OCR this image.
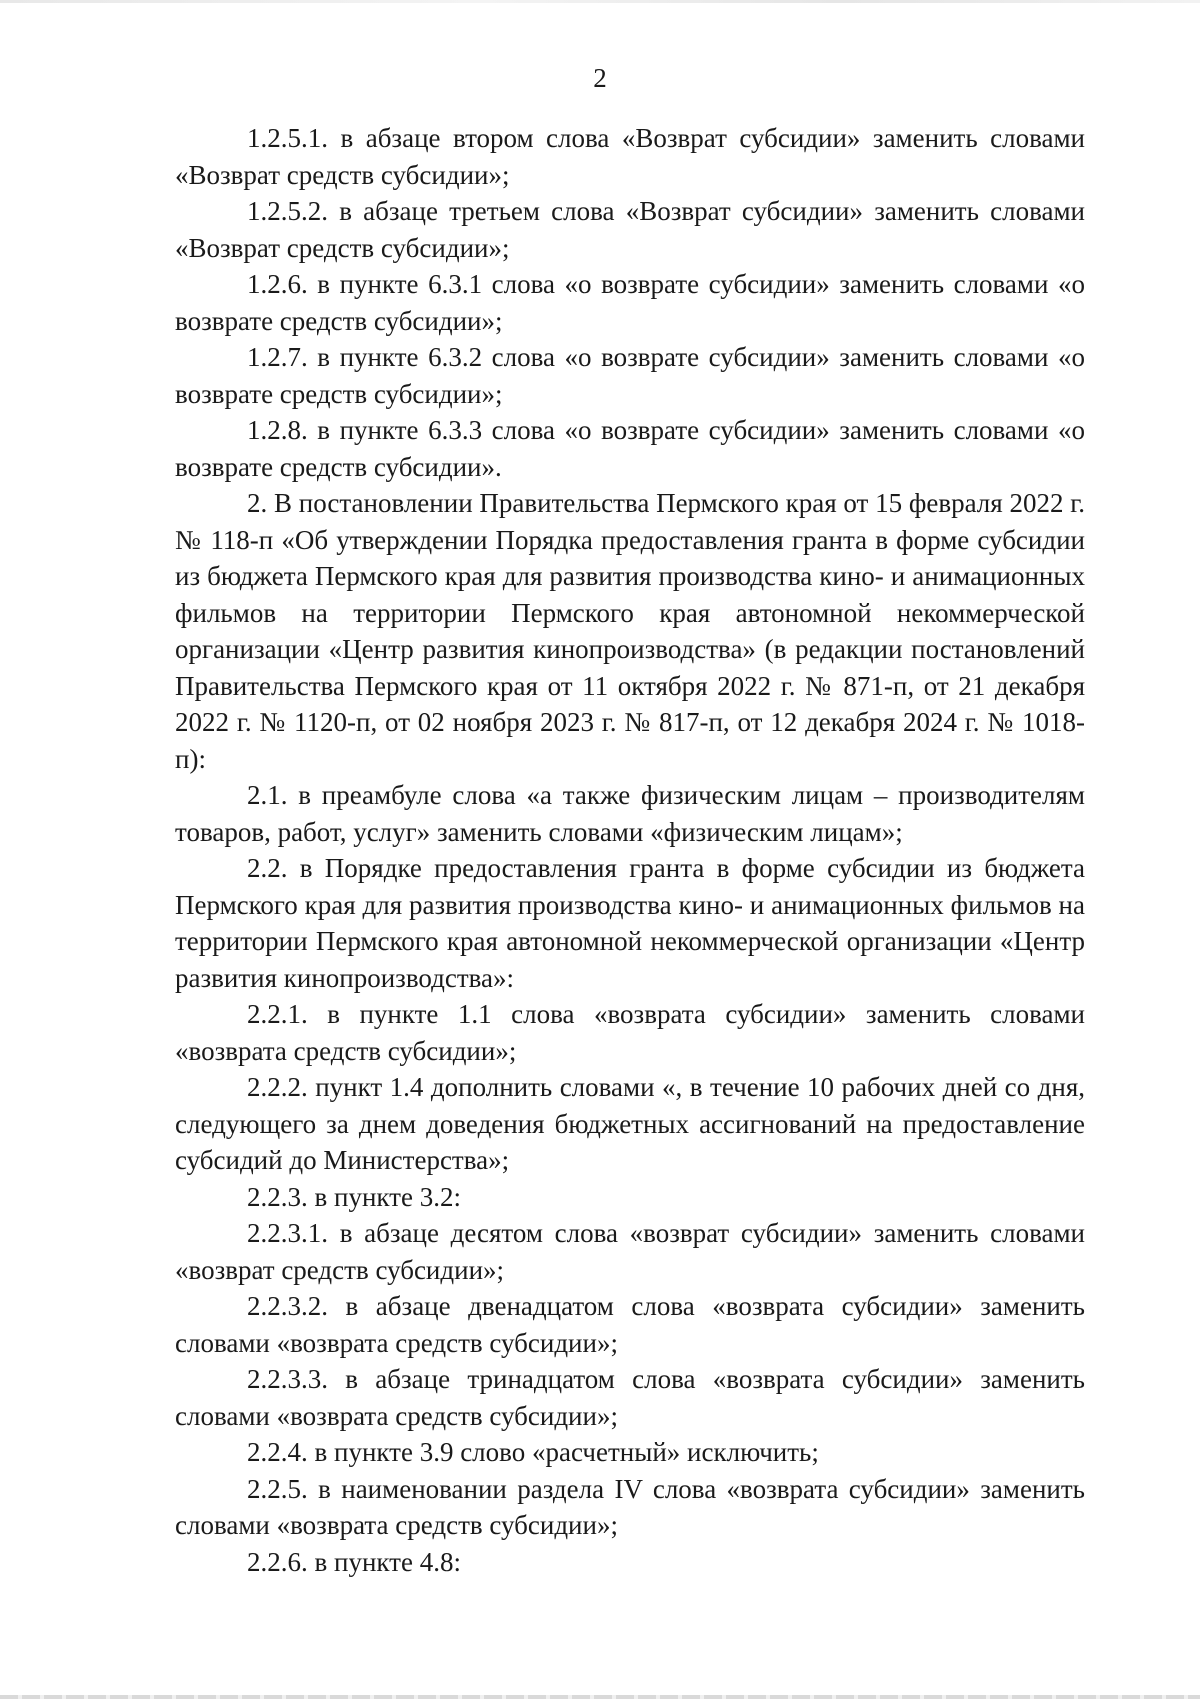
2

1.2.5.1. в абзаце втором слова «Возврат субсидии» заменить словами «Возврат средств субсидии»;

1.2.5.2. в абзаце третьем слова «Возврат субсидии» заменить словами «Возврат средств субсидии»;

1.2.6. в пункте 6.3.1 слова «о возврате субсидии» заменить словами «о возврате средств субсидии»;

1.2.7. в пункте 6.3.2 слова «о возврате субсидии» заменить словами «о возврате средств субсидии»;

1.2.8. в пункте 6.3.3 слова «о возврате субсидии» заменить словами «о возврате средств субсидии».

2. В постановлении Правительства Пермского края от 15 февраля 2022 г. № 118-п «Об утверждении Порядка предоставления гранта в форме субсидии из бюджета Пермского края для развития производства кино- и анимационных фильмов на территории Пермского края автономной некоммерческой организации «Центр развития кинопроизводства» (в редакции постановлений Правительства Пермского края от 11 октября 2022 г. № 871-п, от 21 декабря 2022 г. № 1120-п, от 02 ноября 2023 г. № 817-п, от 12 декабря 2024 г. № 1018-п):

2.1. в преамбуле слова «а также физическим лицам – производителям товаров, работ, услуг» заменить словами «физическим лицам»;

2.2. в Порядке предоставления гранта в форме субсидии из бюджета Пермского края для развития производства кино- и анимационных фильмов на территории Пермского края автономной некоммерческой организации «Центр развития кинопроизводства»:

2.2.1. в пункте 1.1 слова «возврата субсидии» заменить словами «возврата средств субсидии»;

2.2.2. пункт 1.4 дополнить словами «, в течение 10 рабочих дней со дня, следующего за днем доведения бюджетных ассигнований на предоставление субсидий до Министерства»;

2.2.3. в пункте 3.2:

2.2.3.1. в абзаце десятом слова «возврат субсидии» заменить словами «возврат средств субсидии»;

2.2.3.2. в абзаце двенадцатом слова «возврата субсидии» заменить словами «возврата средств субсидии»;

2.2.3.3. в абзаце тринадцатом слова «возврата субсидии» заменить словами «возврата средств субсидии»;

2.2.4. в пункте 3.9 слово «расчетный» исключить;

2.2.5. в наименовании раздела IV слова «возврата субсидии» заменить словами «возврата средств субсидии»;

2.2.6. в пункте 4.8:
